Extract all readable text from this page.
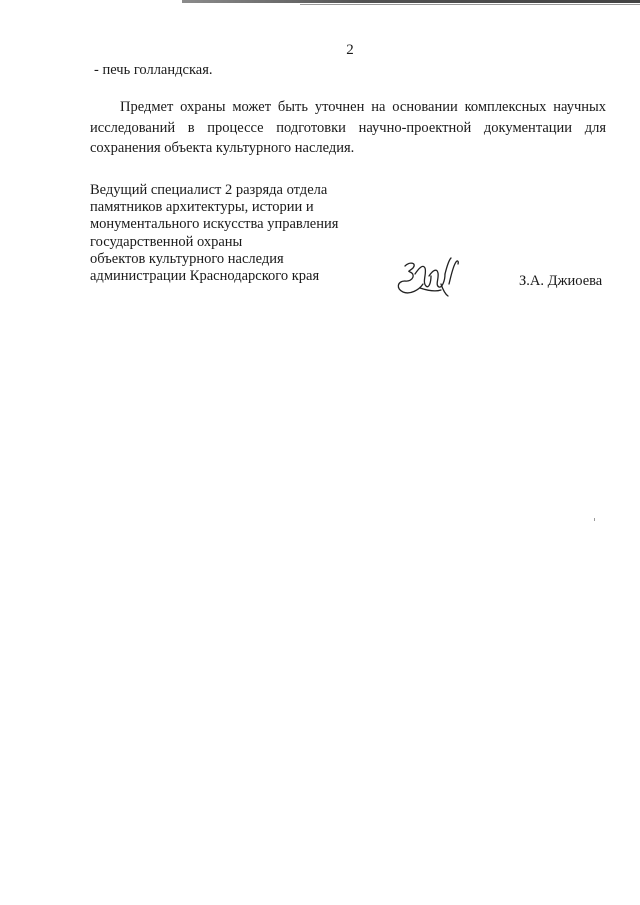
2
- печь голландская.

Предмет охраны может быть уточнен на основании комплексных научных исследований в процессе подготовки научно-проектной документации для сохранения объекта культурного наследия.

Ведущий специалист 2 разряда отдела
памятников архитектуры, истории и
монументального искусства управления
государственной охраны
объектов культурного наследия
администрации Краснодарского края	З.А. Джиоева
